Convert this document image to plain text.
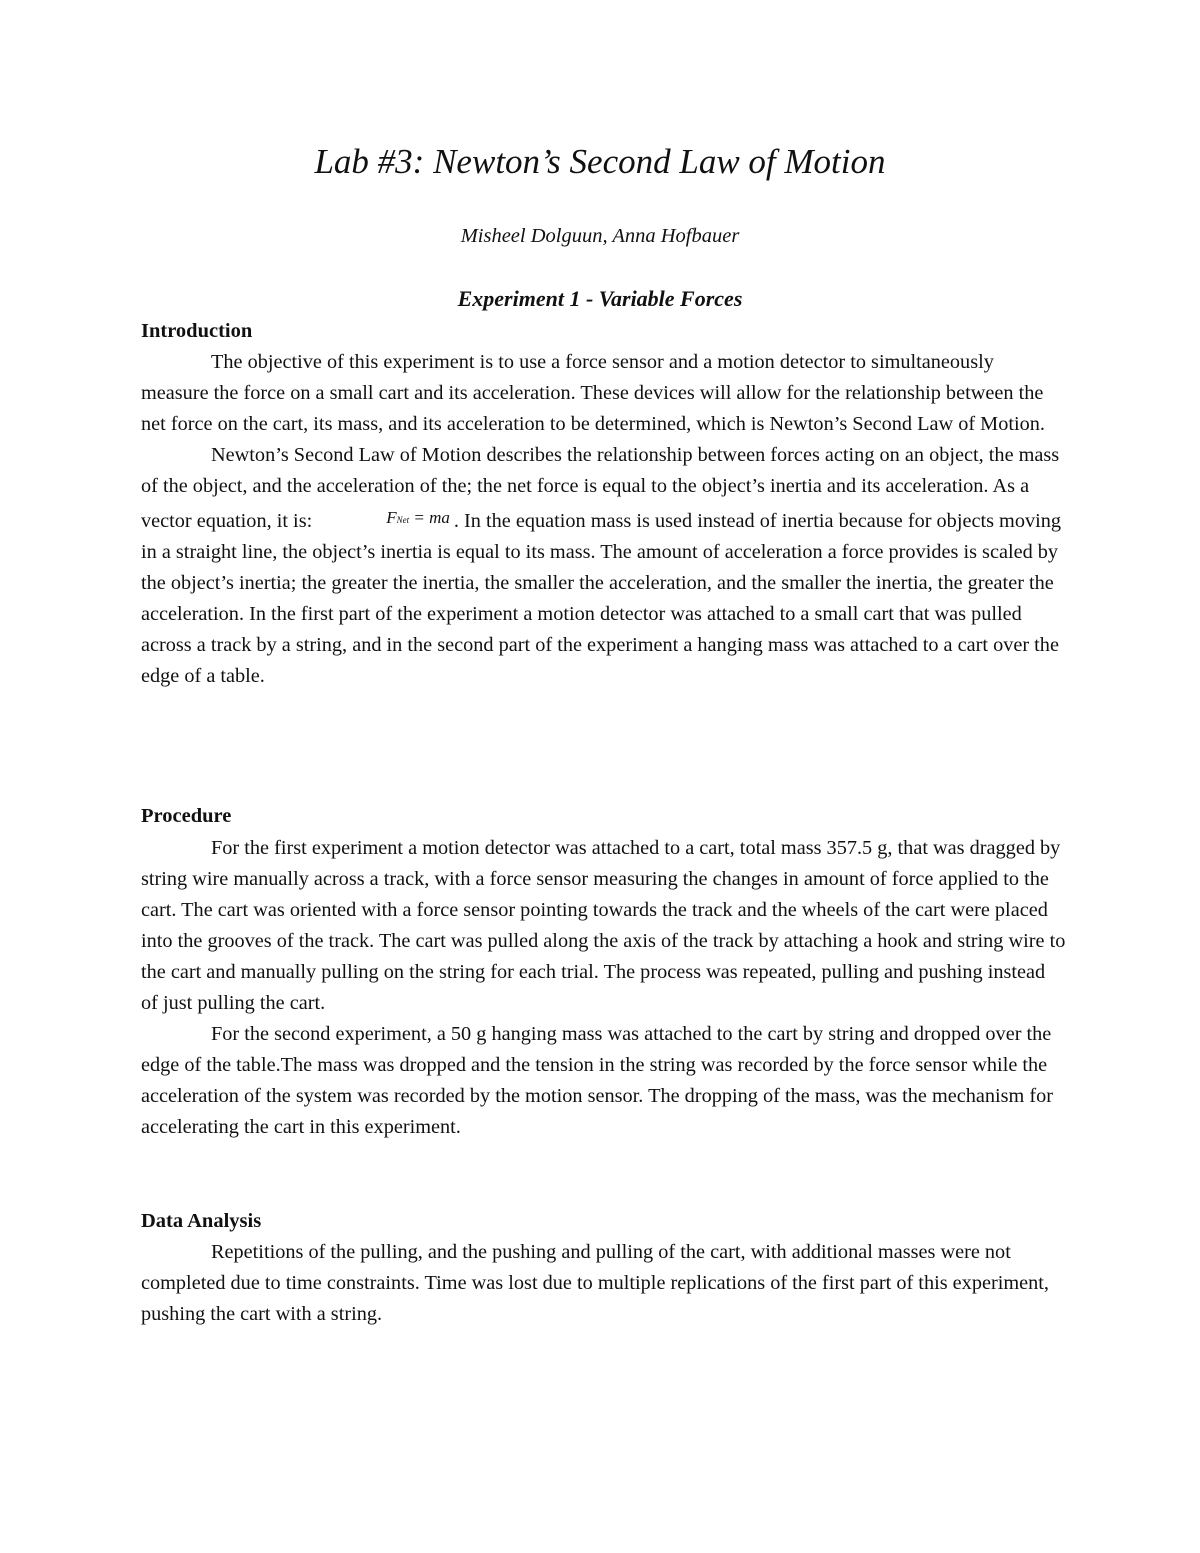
Lab #3: Newton’s Second Law of Motion
Misheel Dolguun, Anna Hofbauer
Experiment 1 - Variable Forces
Introduction

The objective of this experiment is to use a force sensor and a motion detector to simultaneously measure the force on a small cart and its acceleration. These devices will allow for the relationship between the net force on the cart, its mass, and its acceleration to be determined, which is Newton’s Second Law of Motion.

Newton’s Second Law of Motion describes the relationship between forces acting on an object, the mass of the object, and the acceleration of the; the net force is equal to the object’s inertia and its acceleration. As a vector equation, it is:	FNet = ma . In the equation mass is used instead of inertia because for objects moving in a straight line, the object’s inertia is equal to its mass. The amount of acceleration a force provides is scaled by the object’s inertia; the greater the inertia, the smaller the acceleration, and the smaller the inertia, the greater the acceleration. In the first part of the experiment a motion detector was attached to a small cart that was pulled across a track by a string, and in the second part of the experiment a hanging mass was attached to a cart over the edge of a table.

Procedure

For the first experiment a motion detector was attached to a cart, total mass 357.5 g, that was dragged by string wire manually across a track, with a force sensor measuring the changes in amount of force applied to the cart. The cart was oriented with a force sensor pointing towards the track and the wheels of the cart were placed into the grooves of the track. The cart was pulled along the axis of the track by attaching a hook and string wire to the cart and manually pulling on the string for each trial. The process was repeated, pulling and pushing instead of just pulling the cart.

For the second experiment, a 50 g hanging mass was attached to the cart by string and dropped over the edge of the table.The mass was dropped and the tension in the string was recorded by the force sensor while the acceleration of the system was recorded by the motion sensor. The dropping of the mass, was the mechanism for accelerating the cart in this experiment.

Data Analysis

Repetitions of the pulling, and the pushing and pulling of the cart, with additional masses were not completed due to time constraints. Time was lost due to multiple replications of the first part of this experiment, pushing the cart with a string.
